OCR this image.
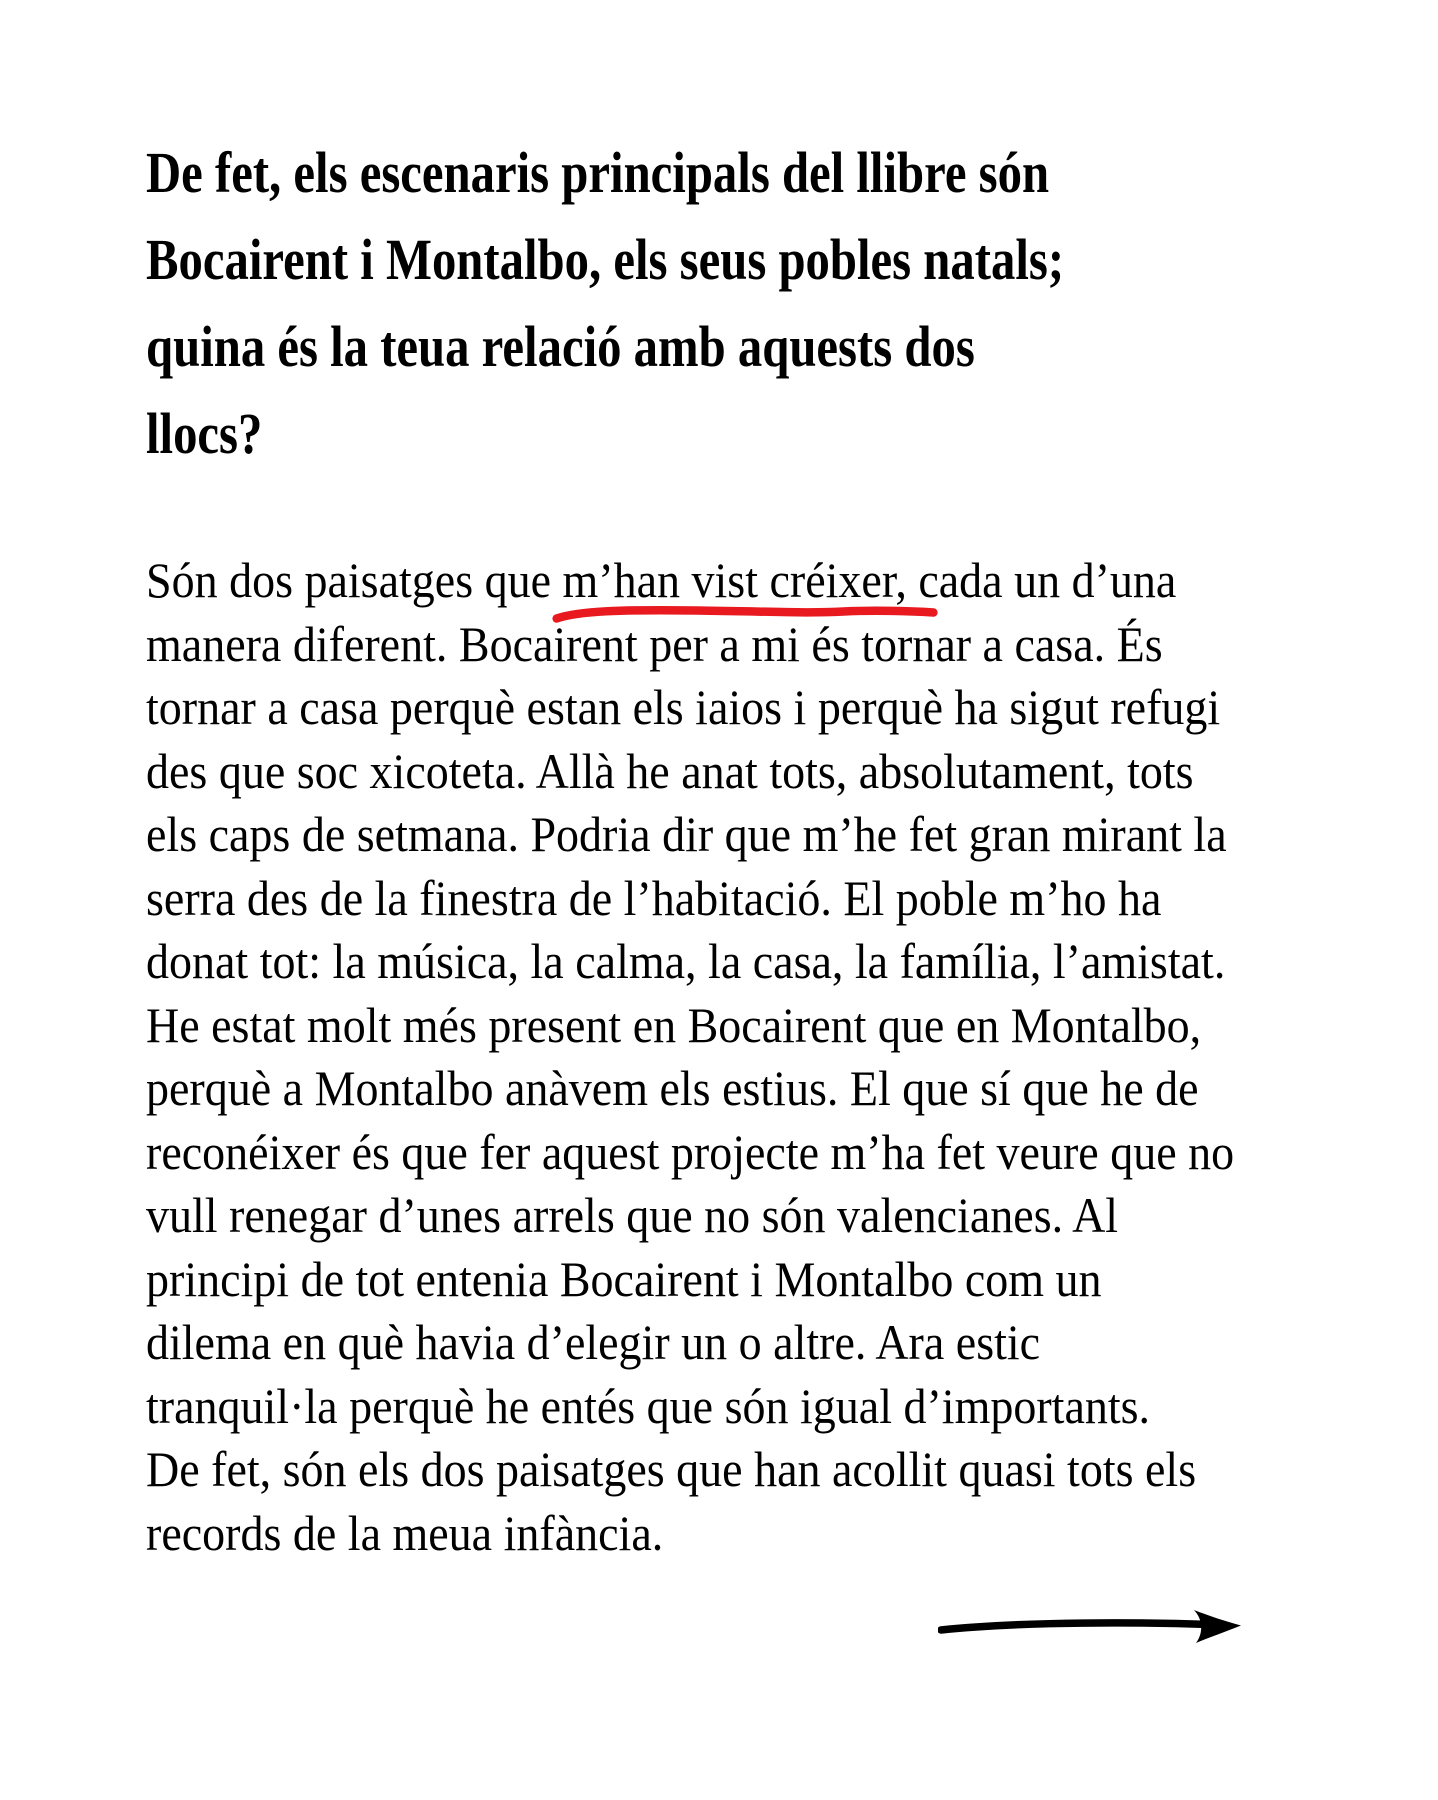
De fet, els escenaris principals del llibre són
Bocairent i Montalbo, els seus pobles natals;
quina és la teua relació amb aquests dos
llocs?
Són dos paisatges que m’han vist créixer,
cada un d’una
manera diferent. Bocairent per a mi és tornar a casa. És
tornar a casa perquè estan els iaios i perquè ha sigut refugi
des que soc xicoteta. Allà he anat tots, absolutament, tots
els caps de setmana. Podria dir que m’he fet gran mirant la
serra des de la finestra de l’habitació. El poble m’ho ha
donat tot: la música, la calma, la casa, la família, l’amistat.
He estat molt més present en Bocairent que en Montalbo,
perquè a Montalbo anàvem els estius. El que sí que he de
reconéixer és que fer aquest projecte m’ha fet veure que no
vull renegar d’unes arrels que no són valencianes. Al
principi de tot entenia Bocairent i Montalbo com un
dilema en què havia d’elegir un o altre. Ara estic
tranquil·la perquè he entés que són igual d’importants.
De fet, són els dos paisatges que han acollit quasi tots els
records de la meua infància.
